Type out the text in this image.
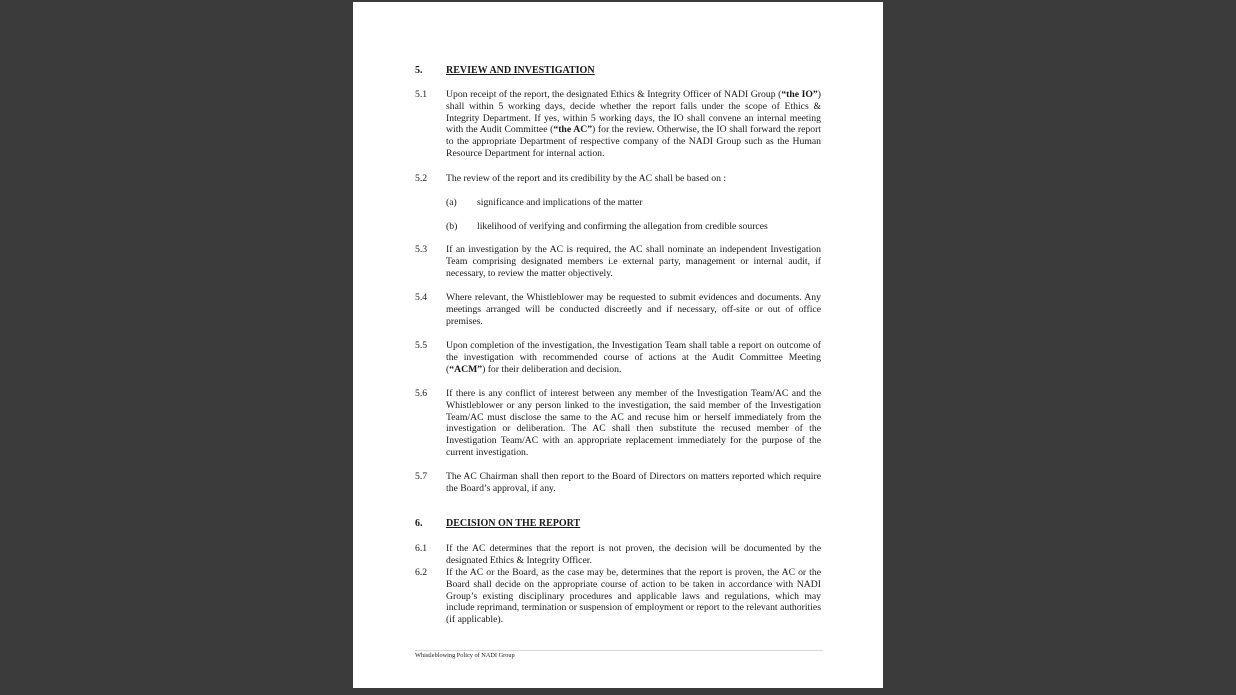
5. REVIEW AND INVESTIGATION
5.1 Upon receipt of the report, the designated Ethics & Integrity Officer of NADI Group (“the IO”) shall within 5 working days, decide whether the report falls under the scope of Ethics & Integrity Department. If yes, within 5 working days, the IO shall convene an internal meeting with the Audit Committee (“the AC”) for the review. Otherwise, the IO shall forward the report to the appropriate Department of respective company of the NADI Group such as the Human Resource Department for internal action.
5.2 The review of the report and its credibility by the AC shall be based on :
(a) significance and implications of the matter
(b) likelihood of verifying and confirming the allegation from credible sources
5.3 If an investigation by the AC is required, the AC shall nominate an independent Investigation Team comprising designated members i.e external party, management or internal audit, if necessary, to review the matter objectively.
5.4 Where relevant, the Whistleblower may be requested to submit evidences and documents. Any meetings arranged will be conducted discreetly and if necessary, off-site or out of office premises.
5.5 Upon completion of the investigation, the Investigation Team shall table a report on outcome of the investigation with recommended course of actions at the Audit Committee Meeting (“ACM”) for their deliberation and decision.
5.6 If there is any conflict of interest between any member of the Investigation Team/AC and the Whistleblower or any person linked to the investigation, the said member of the Investigation Team/AC must disclose the same to the AC and recuse him or herself immediately from the investigation or deliberation. The AC shall then substitute the recused member of the Investigation Team/AC with an appropriate replacement immediately for the purpose of the current investigation.
5.7 The AC Chairman shall then report to the Board of Directors on matters reported which require the Board’s approval, if any.
6. DECISION ON THE REPORT
6.1 If the AC determines that the report is not proven, the decision will be documented by the designated Ethics & Integrity Officer.
6.2 If the AC or the Board, as the case may be, determines that the report is proven, the AC or the Board shall decide on the appropriate course of action to be taken in accordance with NADI Group’s existing disciplinary procedures and applicable laws and regulations, which may include reprimand, termination or suspension of employment or report to the relevant authorities (if applicable).
Whistleblowing Policy of NADI Group
